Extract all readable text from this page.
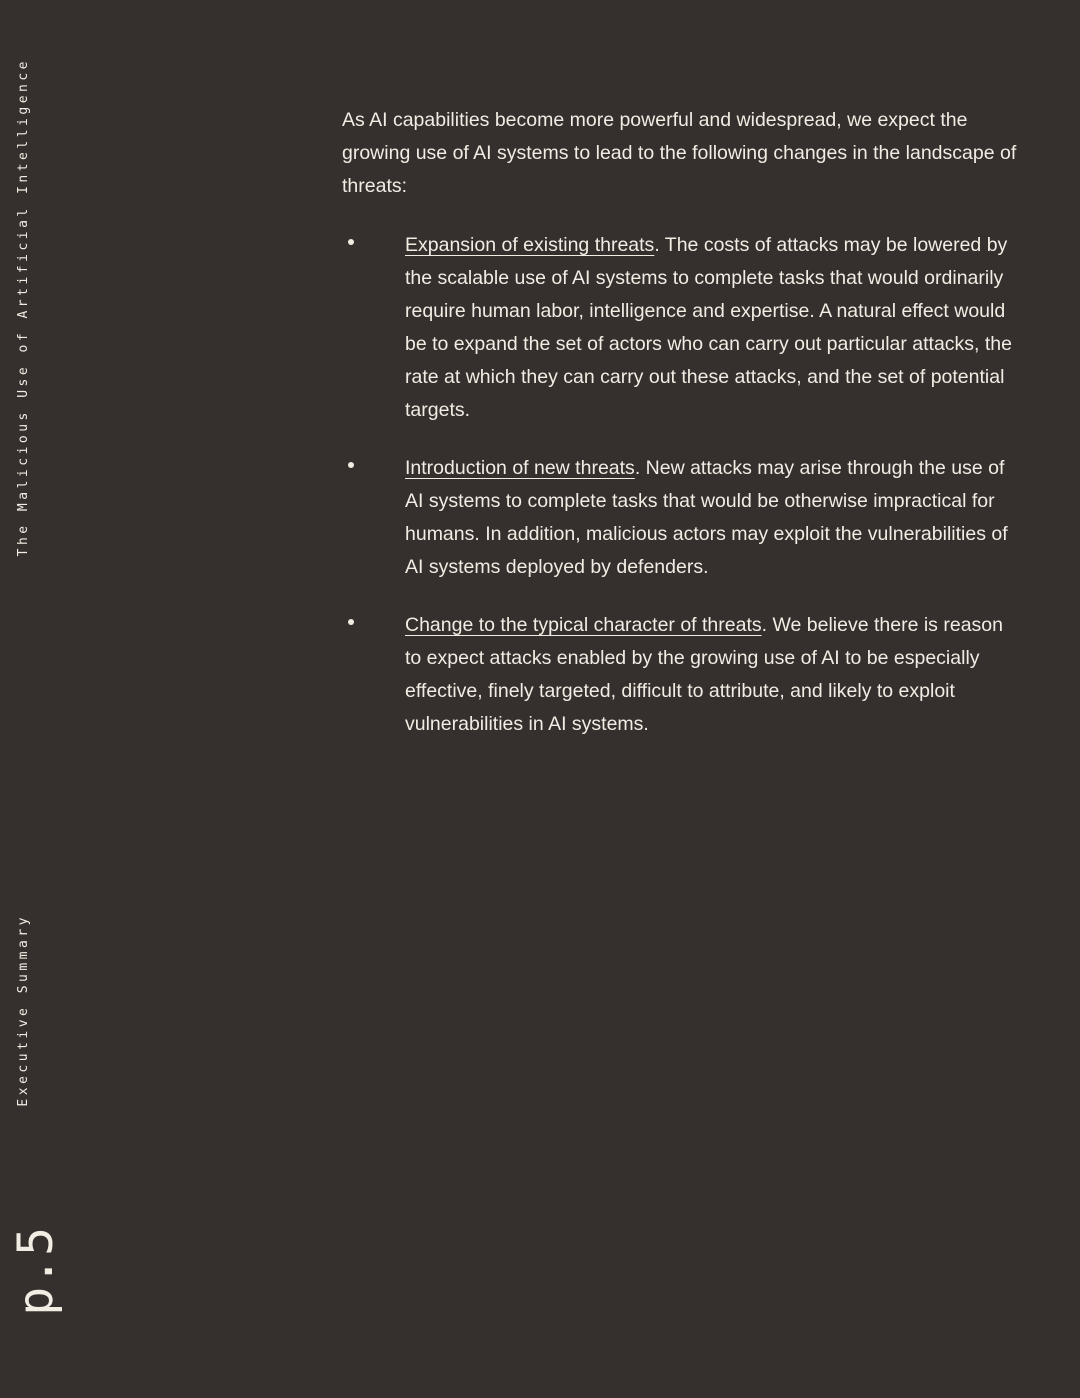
The Malicious Use of Artificial Intelligence
Executive Summary
p.5

As AI capabilities become more powerful and widespread, we expect the growing use of AI systems to lead to the following changes in the landscape of threats:

Expansion of existing threats. The costs of attacks may be lowered by the scalable use of AI systems to complete tasks that would ordinarily require human labor, intelligence and expertise. A natural effect would be to expand the set of actors who can carry out particular attacks, the rate at which they can carry out these attacks, and the set of potential targets.
Introduction of new threats. New attacks may arise through the use of AI systems to complete tasks that would be otherwise impractical for humans. In addition, malicious actors may exploit the vulnerabilities of AI systems deployed by defenders.
Change to the typical character of threats. We believe there is reason to expect attacks enabled by the growing use of AI to be especially effective, finely targeted, difficult to attribute, and likely to exploit vulnerabilities in AI systems.
